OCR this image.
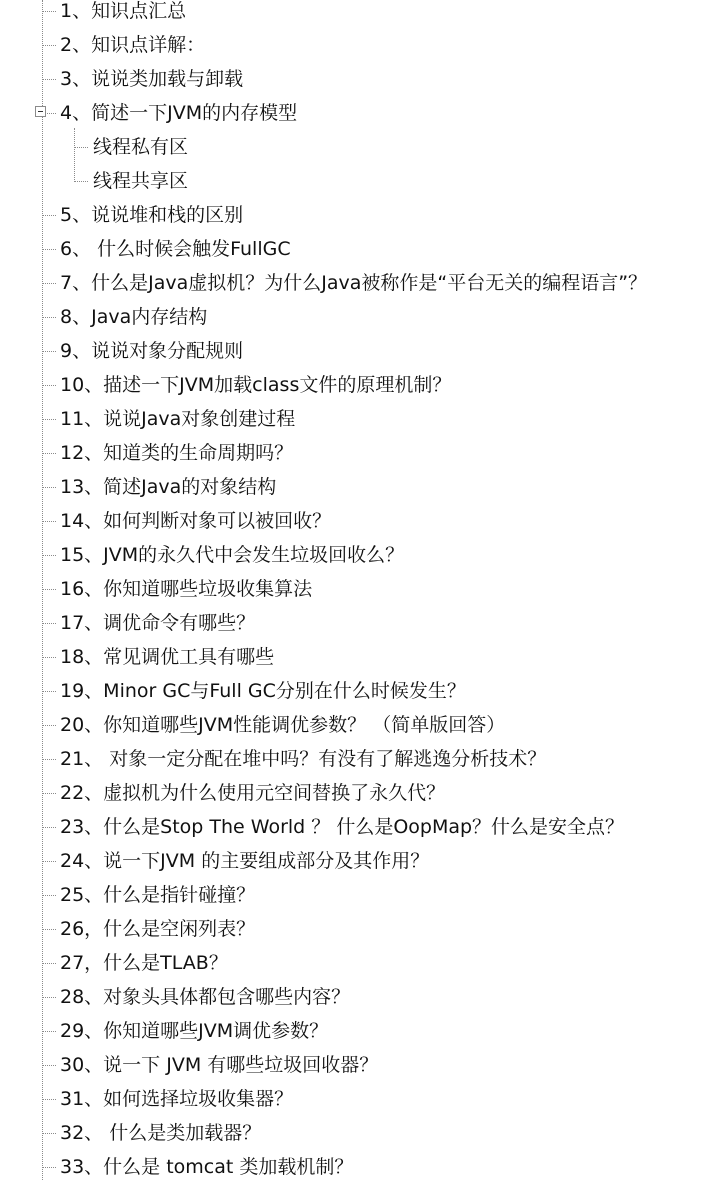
1、知识点汇总
2、知识点详解：
3、说说类加载与卸载
4、简述一下JVM的内存模型
线程私有区
线程共享区
5、说说堆和栈的区别
6、 什么时候会触发FullGC
7、什么是Java虚拟机？为什么Java被称作是“平台无关的编程语言”？
8、Java内存结构
9、说说对象分配规则
10、描述一下JVM加载class文件的原理机制？
11、说说Java对象创建过程
12、知道类的生命周期吗？
13、简述Java的对象结构
14、如何判断对象可以被回收？
15、JVM的永久代中会发生垃圾回收么？
16、你知道哪些垃圾收集算法
17、调优命令有哪些？
18、常见调优工具有哪些
19、Minor GC与Full GC分别在什么时候发生？
20、你知道哪些JVM性能调优参数？ （简单版回答）
21、 对象一定分配在堆中吗？有没有了解逃逸分析技术？
22、虚拟机为什么使用元空间替换了永久代？
23、什么是Stop The World ？ 什么是OopMap？什么是安全点？
24、说一下JVM 的主要组成部分及其作用？
25、什么是指针碰撞？
26，什么是空闲列表？
27，什么是TLAB？
28、对象头具体都包含哪些内容？
29、你知道哪些JVM调优参数？
30、说一下 JVM 有哪些垃圾回收器？
31、如何选择垃圾收集器？
32、 什么是类加载器？
33、什么是 tomcat 类加载机制？
